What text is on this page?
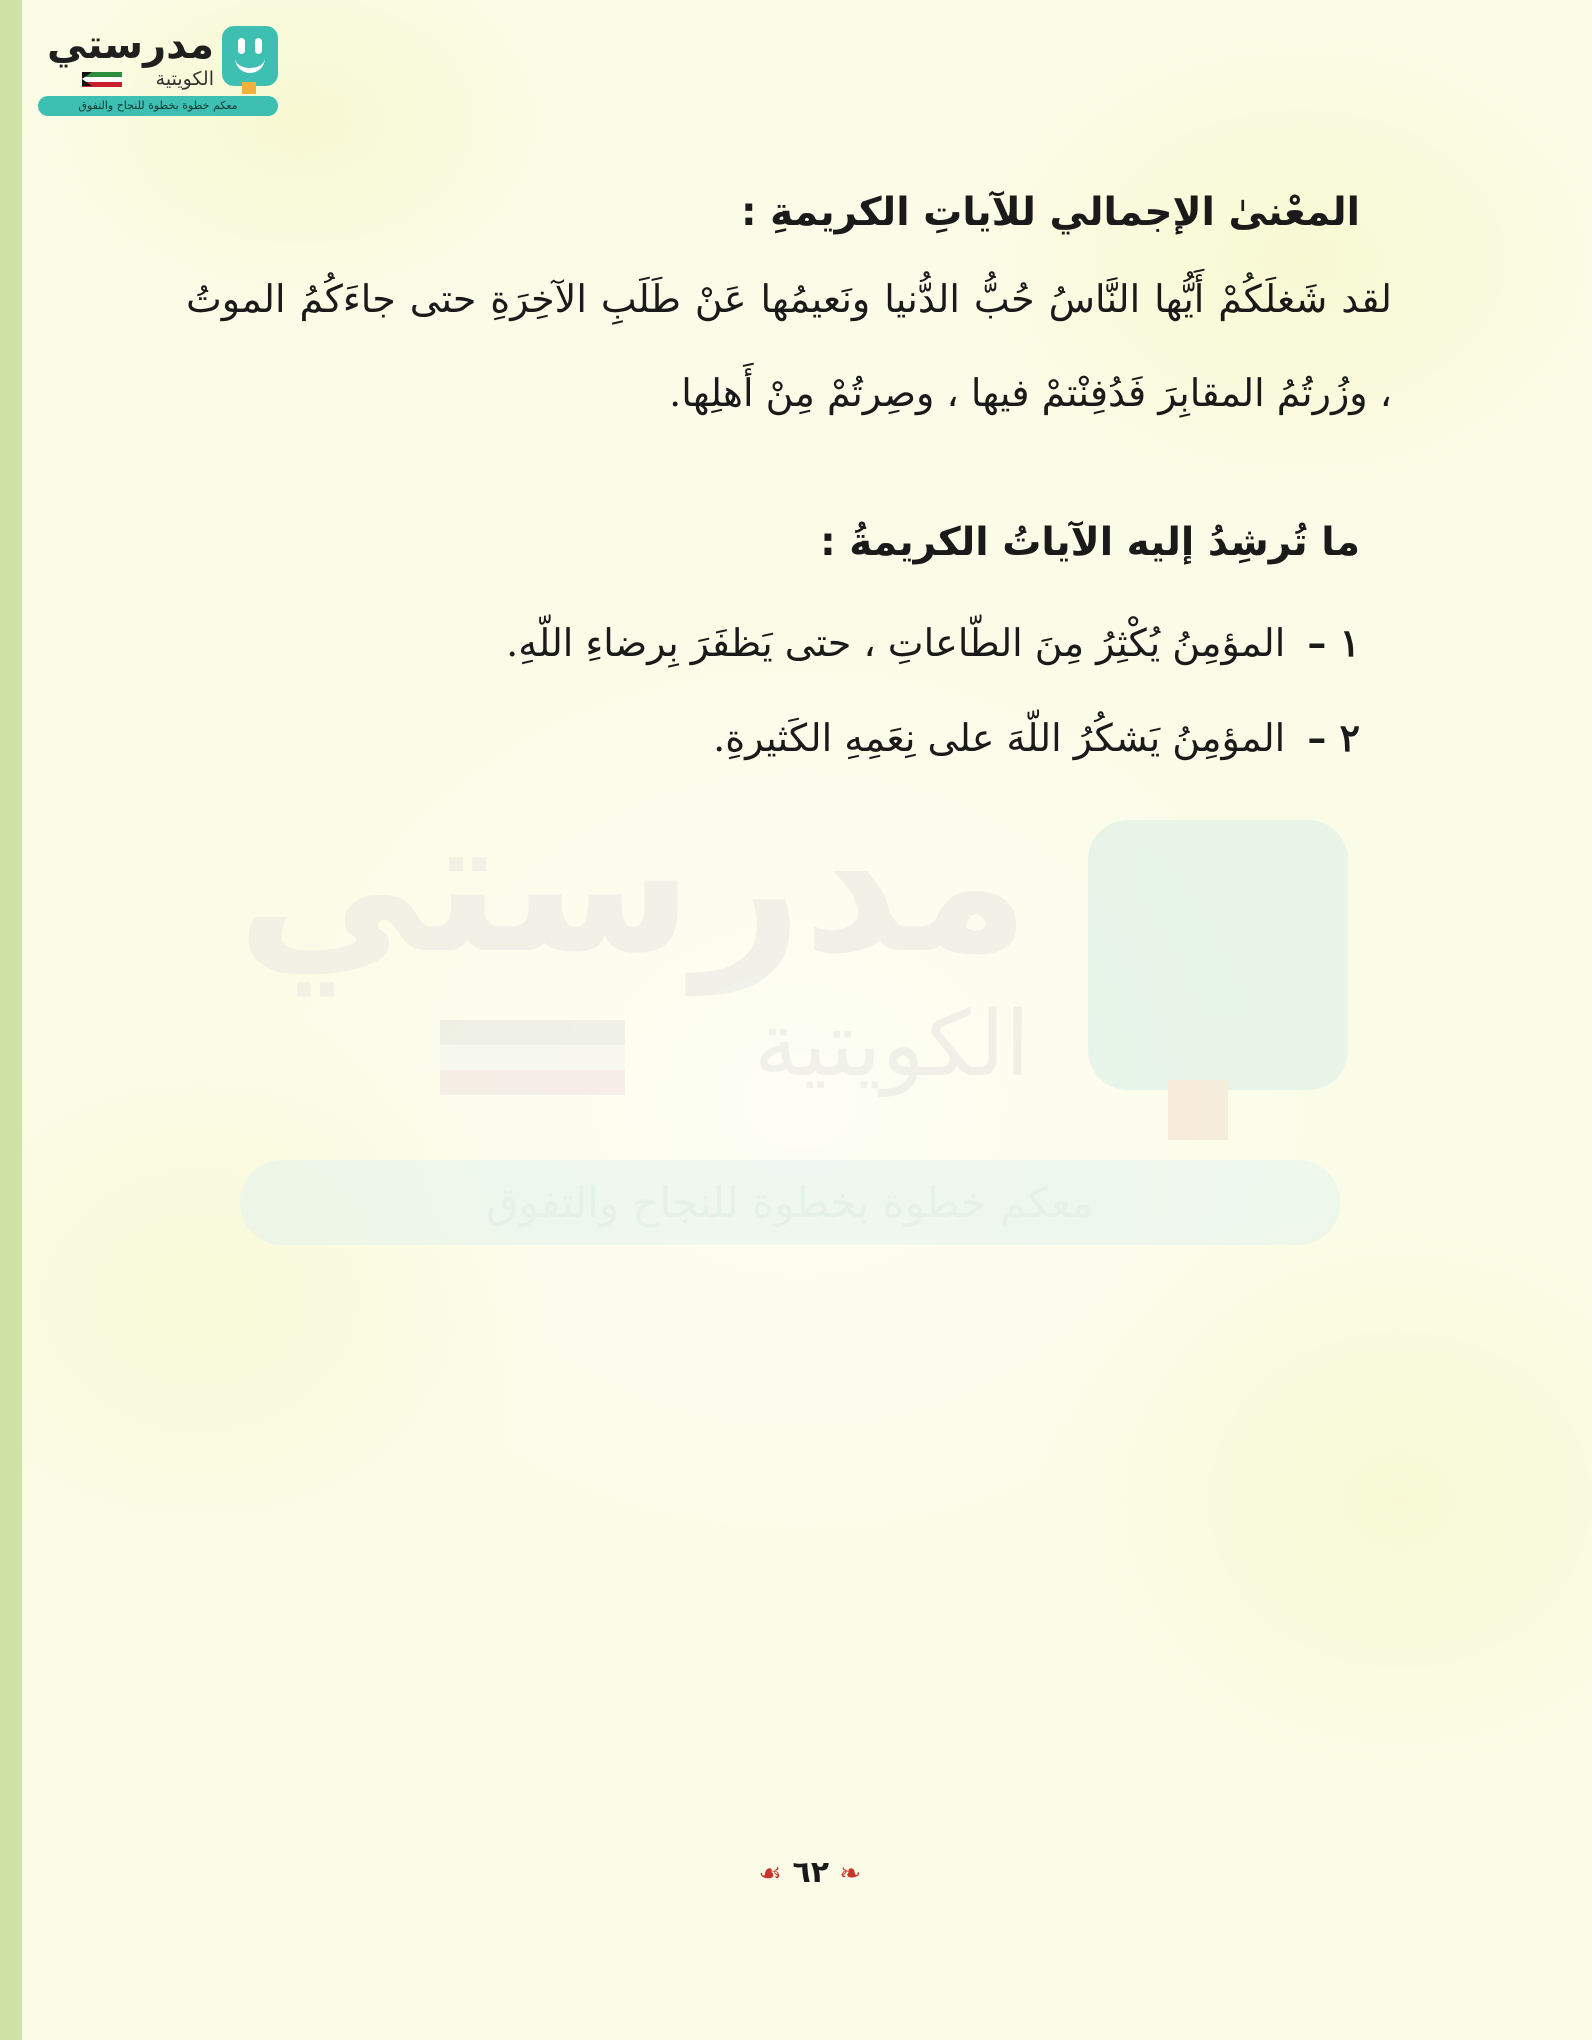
مدرستي
الكويتية
معكم خطوة بخطوة للنجاح والتفوق
مدرستي
الكويتية
معكم خطوة بخطوة للنجاح والتفوق
المعْنىٰ الإجمالي للآياتِ الكريمةِ :

لقد شَغلَكُمْ أَيُّها النَّاسُ حُبُّ الدُّنيا ونَعيمُها عَنْ طَلَبِ الآخِرَةِ حتى جاءَكُمُ الموتُ ، وزُرتُمُ المقابِرَ فَدُفِنْتمْ فيها ، وصِرتُمْ مِنْ أَهلِها.

ما تُرشِدُ إليه الآياتُ الكريمةُ :
١ – المؤمِنُ يُكْثِرُ مِنَ الطّاعاتِ ، حتى يَظفَرَ بِرضاءِ اللّهِ.
٢ – المؤمِنُ يَشكُرُ اللّهَ على نِعَمِهِ الكَثيرةِ.
❧ ٦٢ ☙
